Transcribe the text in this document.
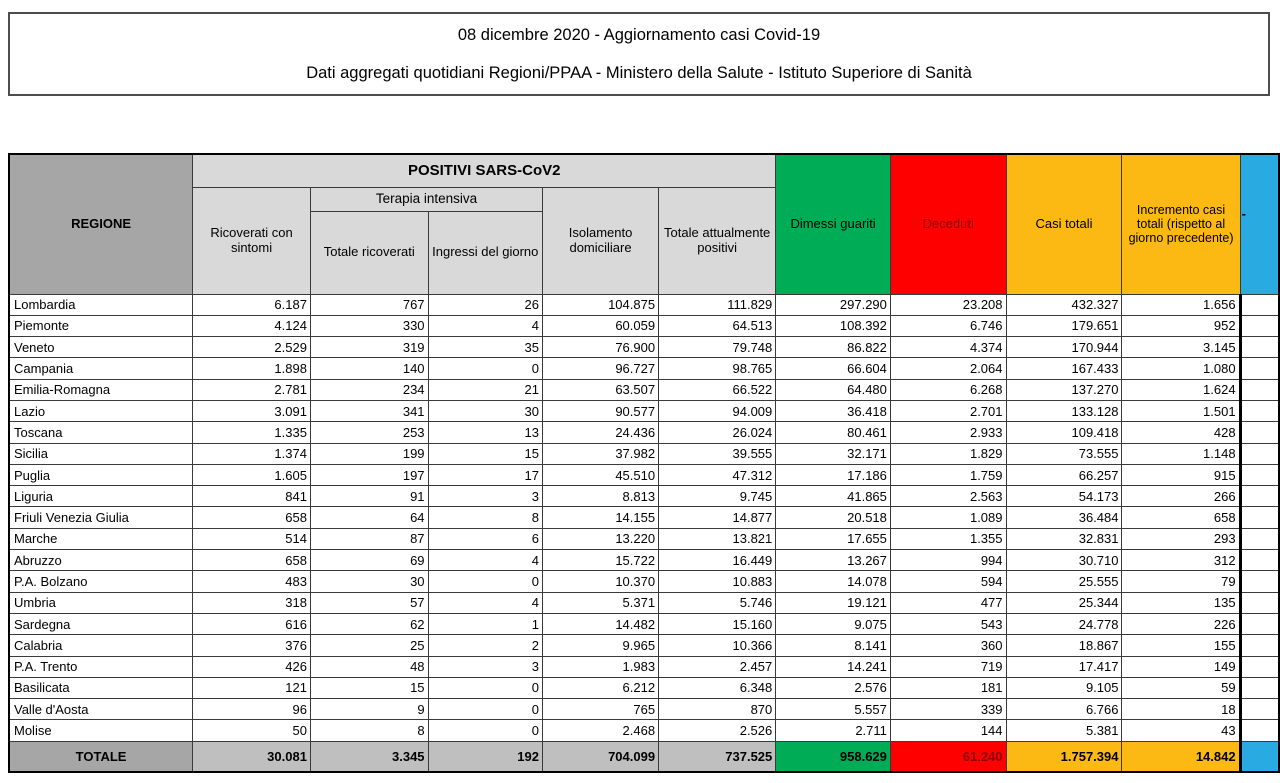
08 dicembre 2020 - Aggiornamento casi Covid-19
Dati aggregati quotidiani Regioni/PPAA - Ministero della Salute - Istituto Superiore di Sanità
REGIONE	POSITIVI SARS-CoV2					Dimessi guariti	Deceduti	Casi totali	Incremento casi totali (rispetto al giorno precedente)	-

	Ricoverati con sintomi	Terapia intensiva		Isolamento domiciliare	Totale attualmente positivi					
		Totale ricoverati	Ingressi del giorno							
Lombardia	6.187	767	26	104.875	111.829	297.290	23.208	432.327	1.656	
Piemonte	4.124	330	4	60.059	64.513	108.392	6.746	179.651	952	
Veneto	2.529	319	35	76.900	79.748	86.822	4.374	170.944	3.145	
Campania	1.898	140	0	96.727	98.765	66.604	2.064	167.433	1.080	
Emilia-Romagna	2.781	234	21	63.507	66.522	64.480	6.268	137.270	1.624	
Lazio	3.091	341	30	90.577	94.009	36.418	2.701	133.128	1.501	
Toscana	1.335	253	13	24.436	26.024	80.461	2.933	109.418	428	
Sicilia	1.374	199	15	37.982	39.555	32.171	1.829	73.555	1.148	
Puglia	1.605	197	17	45.510	47.312	17.186	1.759	66.257	915	
Liguria	841	91	3	8.813	9.745	41.865	2.563	54.173	266	
Friuli Venezia Giulia	658	64	8	14.155	14.877	20.518	1.089	36.484	658	
Marche	514	87	6	13.220	13.821	17.655	1.355	32.831	293	
Abruzzo	658	69	4	15.722	16.449	13.267	994	30.710	312	
P.A. Bolzano	483	30	0	10.370	10.883	14.078	594	25.555	79	
Umbria	318	57	4	5.371	5.746	19.121	477	25.344	135	
Sardegna	616	62	1	14.482	15.160	9.075	543	24.778	226	
Calabria	376	25	2	9.965	10.366	8.141	360	18.867	155	
P.A. Trento	426	48	3	1.983	2.457	14.241	719	17.417	149	
Basilicata	121	15	0	6.212	6.348	2.576	181	9.105	59	
Valle d'Aosta	96	9	0	765	870	5.557	339	6.766	18	
Molise	50	8	0	2.468	2.526	2.711	144	5.381	43	
TOTALE	30.081	3.345	192	704.099	737.525	958.629	61.240	1.757.394	14.842	
